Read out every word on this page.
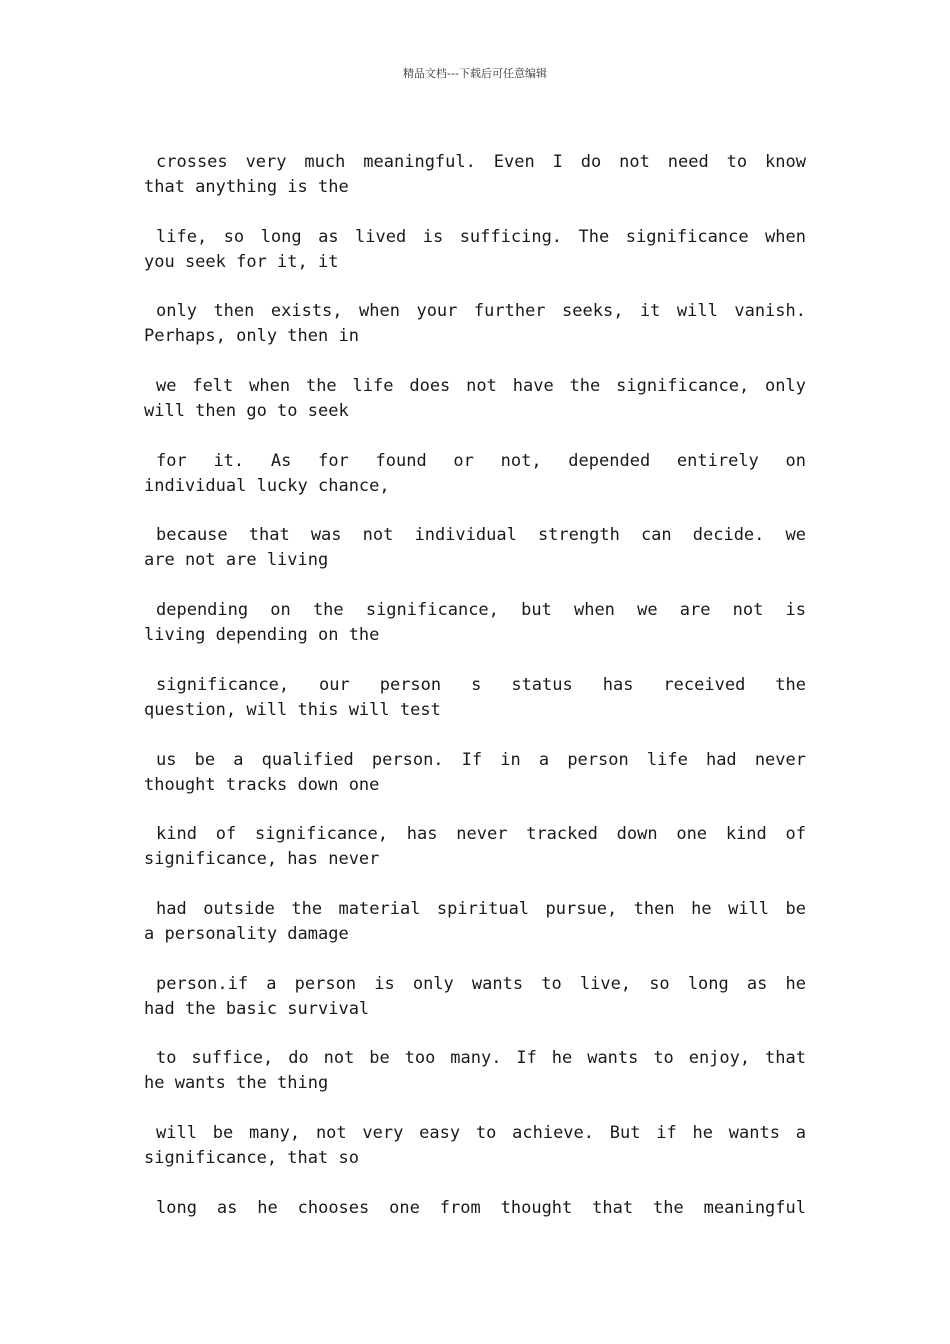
精品文档---下载后可任意编辑
crosses very much meaningful. Even I do not need to know
that anything is the
life, so long as lived is sufficing. The significance when
you seek for it, it
only then exists, when your further seeks, it will vanish.
Perhaps, only then in
we felt when the life does not have the significance, only
will then go to seek
for it. As for found or not, depended entirely on
individual lucky chance,
because that was not individual strength can decide. we
are not are living
depending on the significance, but when we are not is
living depending on the
significance, our person s status has received the
question, will this will test
us be a qualified person. If in a person life had never
thought tracks down one
kind of significance, has never tracked down one kind of
significance, has never
had outside the material spiritual pursue, then he will be
a personality damage
person.if a person is only wants to live, so long as he
had the basic survival
to suffice, do not be too many. If he wants to enjoy, that
he wants the thing
will be many, not very easy to achieve. But if he wants a
significance, that so
long as he chooses one from thought that the meaningful
